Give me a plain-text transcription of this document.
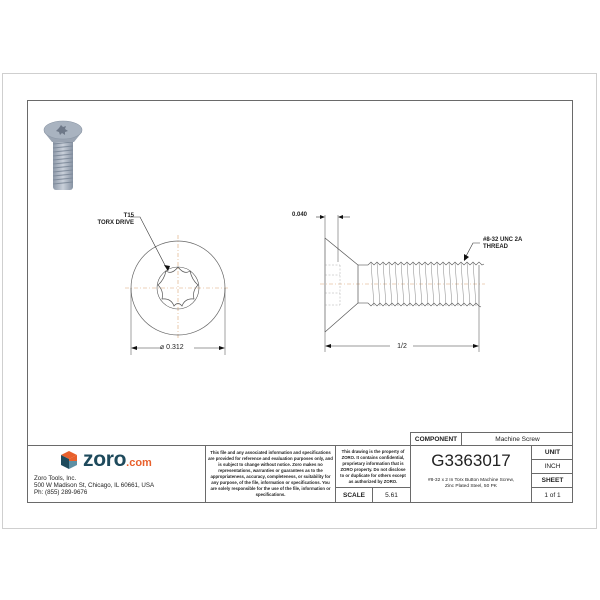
T15
TORX DRIVE
⌀ 0.312
0.040
#8-32 UNC 2A
THREAD
1/2
zoro .com
Zoro Tools, Inc.
500 W Madison St, Chicago, IL 60661, USA
Ph: (855) 289-9676
This file and any associated information and specifications are provided for reference and evaluation purposes only, and is subject to change without notice. Zoro makes no representations, warranties or guarantees as to the appropriateness, accuracy, completeness, or suitability for any purpose, of the file, information or specifications. You are solely responsible for the use of the file, information or specifications.
This drawing is the property of ZORO. It contains confidential, proprietary information that is ZORO property. Do not disclose to or duplicate for others except as authorized by ZORO.
SCALE	5.61
COMPONENT	Machine Screw
G3363017
#8-32 x 2 In Torx Button Machine Screw,
Zinc Plated Steel, 50 PK
UNIT
INCH
SHEET
1 of 1
